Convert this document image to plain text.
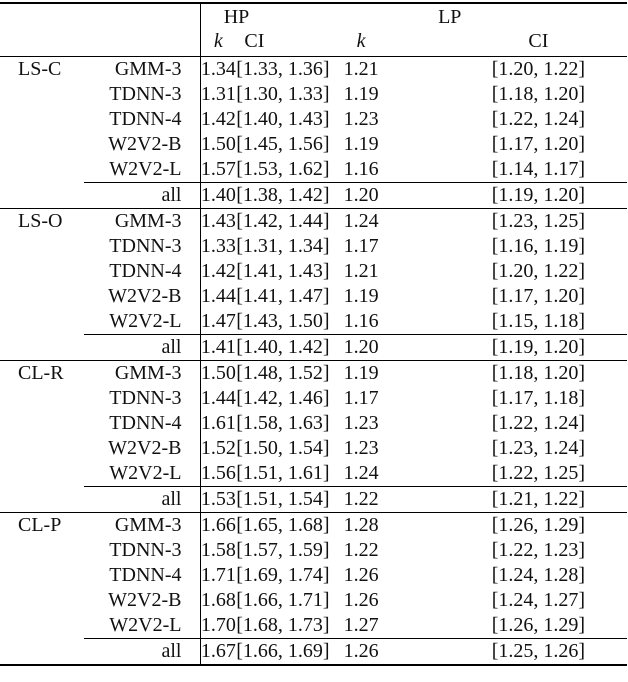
		HP		LP	
		k	CI	k	CI
LS-C	GMM-3	1.34	[1.33, 1.36]	1.21	[1.20, 1.22]
	TDNN-3	1.31	[1.30, 1.33]	1.19	[1.18, 1.20]
	TDNN-4	1.42	[1.40, 1.43]	1.23	[1.22, 1.24]
	W2V2-B	1.50	[1.45, 1.56]	1.19	[1.17, 1.20]
	W2V2-L	1.57	[1.53, 1.62]	1.16	[1.14, 1.17]
	all	1.40	[1.38, 1.42]	1.20	[1.19, 1.20]
LS-O	GMM-3	1.43	[1.42, 1.44]	1.24	[1.23, 1.25]
	TDNN-3	1.33	[1.31, 1.34]	1.17	[1.16, 1.19]
	TDNN-4	1.42	[1.41, 1.43]	1.21	[1.20, 1.22]
	W2V2-B	1.44	[1.41, 1.47]	1.19	[1.17, 1.20]
	W2V2-L	1.47	[1.43, 1.50]	1.16	[1.15, 1.18]
	all	1.41	[1.40, 1.42]	1.20	[1.19, 1.20]
CL-R	GMM-3	1.50	[1.48, 1.52]	1.19	[1.18, 1.20]
	TDNN-3	1.44	[1.42, 1.46]	1.17	[1.17, 1.18]
	TDNN-4	1.61	[1.58, 1.63]	1.23	[1.22, 1.24]
	W2V2-B	1.52	[1.50, 1.54]	1.23	[1.23, 1.24]
	W2V2-L	1.56	[1.51, 1.61]	1.24	[1.22, 1.25]
	all	1.53	[1.51, 1.54]	1.22	[1.21, 1.22]
CL-P	GMM-3	1.66	[1.65, 1.68]	1.28	[1.26, 1.29]
	TDNN-3	1.58	[1.57, 1.59]	1.22	[1.22, 1.23]
	TDNN-4	1.71	[1.69, 1.74]	1.26	[1.24, 1.28]
	W2V2-B	1.68	[1.66, 1.71]	1.26	[1.24, 1.27]
	W2V2-L	1.70	[1.68, 1.73]	1.27	[1.26, 1.29]
	all	1.67	[1.66, 1.69]	1.26	[1.25, 1.26]
